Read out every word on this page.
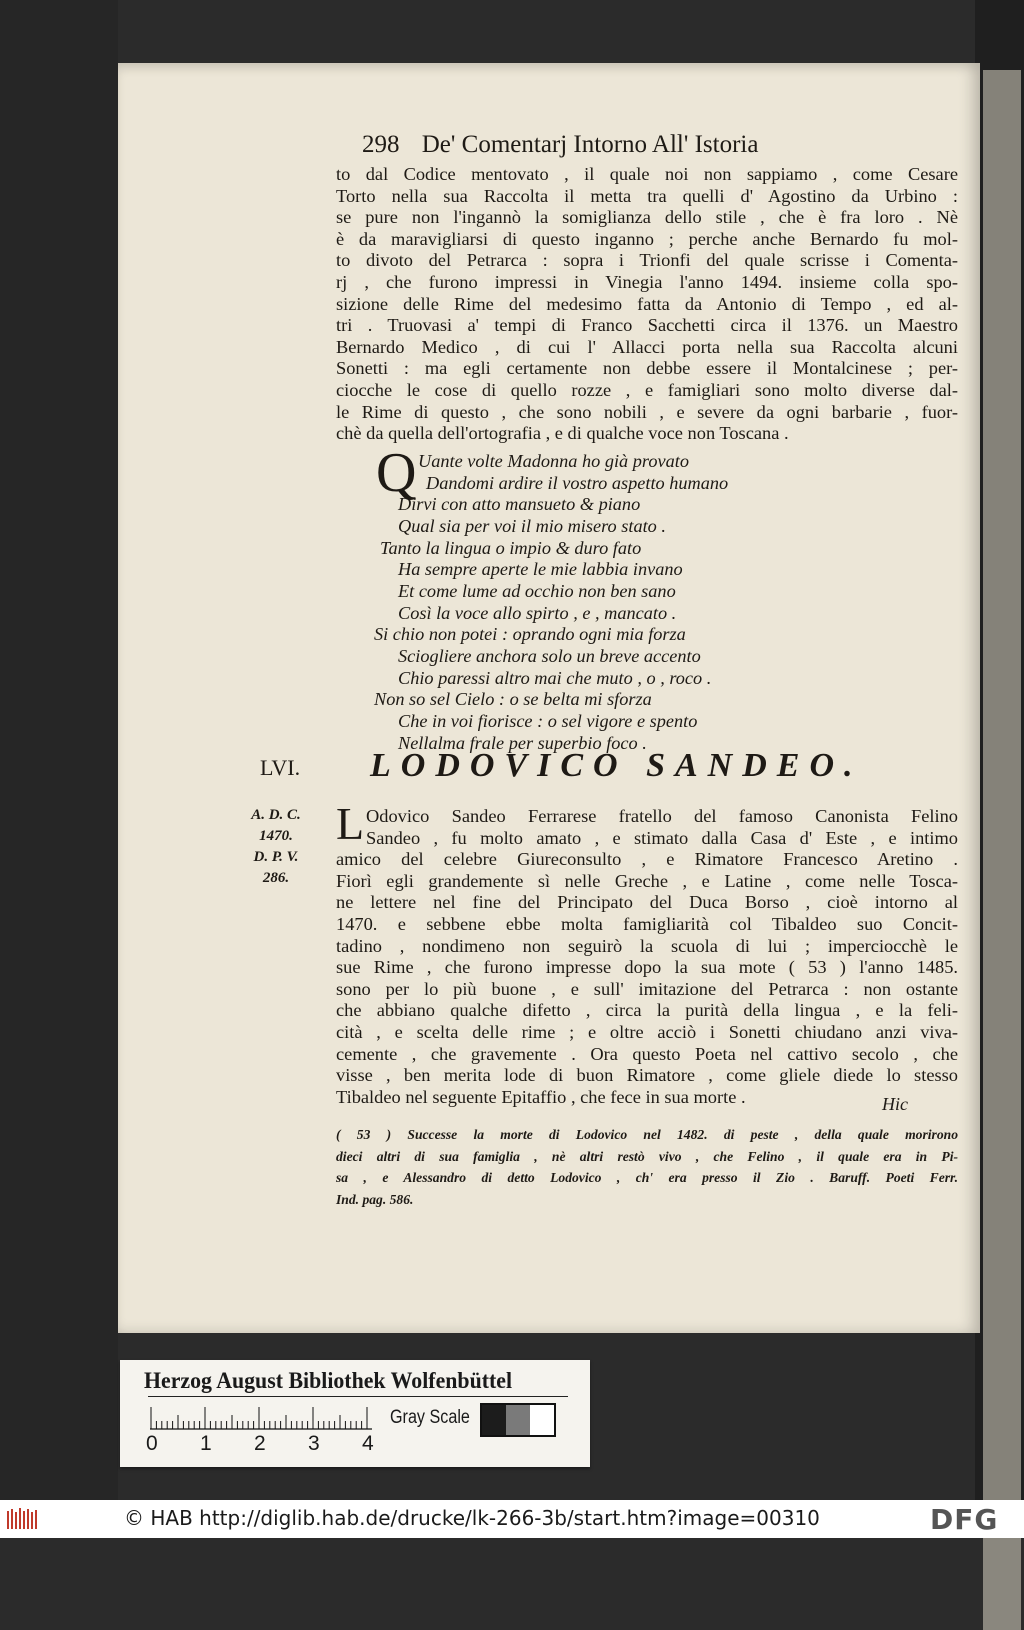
298 De' Comentarj Intorno All' Istoria
to dal Codice mentovato , il quale noi non sappiamo , come Cesare
Torto nella sua Raccolta il metta tra quelli d' Agostino da Urbino :
se pure non l'ingannò la somiglianza dello stile , che è fra loro . Nè
è da maravigliarsi di questo inganno ; perche anche Bernardo fu mol-
to divoto del Petrarca : sopra i Trionfi del quale scrisse i Comenta-
rj , che furono impressi in Vinegia l'anno 1494. insieme colla spo-
sizione delle Rime del medesimo fatta da Antonio di Tempo , ed al-
tri . Truovasi a' tempi di Franco Sacchetti circa il 1376. un Maestro
Bernardo Medico , di cui l' Allacci porta nella sua Raccolta alcuni
Sonetti : ma egli certamente non debbe essere il Montalcinese ; per-
ciocche le cose di quello rozze , e famigliari sono molto diverse dal-
le Rime di questo , che sono nobili , e severe da ogni barbarie , fuor-
chè da quella dell'ortografia , e di qualche voce non Toscana .
Q Uante volte Madonna ho già provato
Dandomi ardire il vostro aspetto humano
Dirvi con atto mansueto & piano
Qual sia per voi il mio misero stato .
Tanto la lingua o impio & duro fato
Ha sempre aperte le mie labbia invano
Et come lume ad occhio non ben sano
Così la voce allo spirto , e , mancato .
Si chio non potei : oprando ogni mia forza
Sciogliere anchora solo un breve accento
Chio paressi altro mai che muto , o , roco .
Non so sel Cielo : o se belta mi sforza
Che in voi fiorisce : o sel vigore e spento
Nellalma frale per superbio foco .
LVI. LODOVICO SANDEO.
A. D. C.
1470.
D. P. V.
286.
L Odovico Sandeo Ferrarese fratello del famoso Canonista Felino
Sandeo , fu molto amato , e stimato dalla Casa d' Este , e intimo
amico del celebre Giureconsulto , e Rimatore Francesco Aretino .
Fiorì egli grandemente sì nelle Greche , e Latine , come nelle Tosca-
ne lettere nel fine del Principato del Duca Borso , cioè intorno al
1470. e sebbene ebbe molta famigliarità col Tibaldeo suo Concit-
tadino , nondimeno non seguirò la scuola di lui ; imperciocchè le
sue Rime , che furono impresse dopo la sua mote ( 53 ) l'anno 1485.
sono per lo più buone , e sull' imitazione del Petrarca : non ostante
che abbiano qualche difetto , circa la purità della lingua , e la feli-
cità , e scelta delle rime ; e oltre acciò i Sonetti chiudano anzi viva-
cemente , che gravemente . Ora questo Poeta nel cattivo secolo , che
visse , ben merita lode di buon Rimatore , come gliele diede lo stesso
Tibaldeo nel seguente Epitaffio , che fece in sua morte .	Hic
( 53 ) Successe la morte di Lodovico nel 1482. di peste , della quale morirono
dieci altri di sua famiglia , nè altri restò vivo , che Felino , il quale era in Pi-
sa , e Alessandro di detto Lodovico , ch' era presso il Zio . Baruff. Poeti Ferr.
Ind. pag. 586.
Herzog August Bibliothek Wolfenbüttel
Gray Scale
0 1 2 3 4
© HAB http://diglib.hab.de/drucke/lk-266-3b/start.htm?image=00310	DFG
